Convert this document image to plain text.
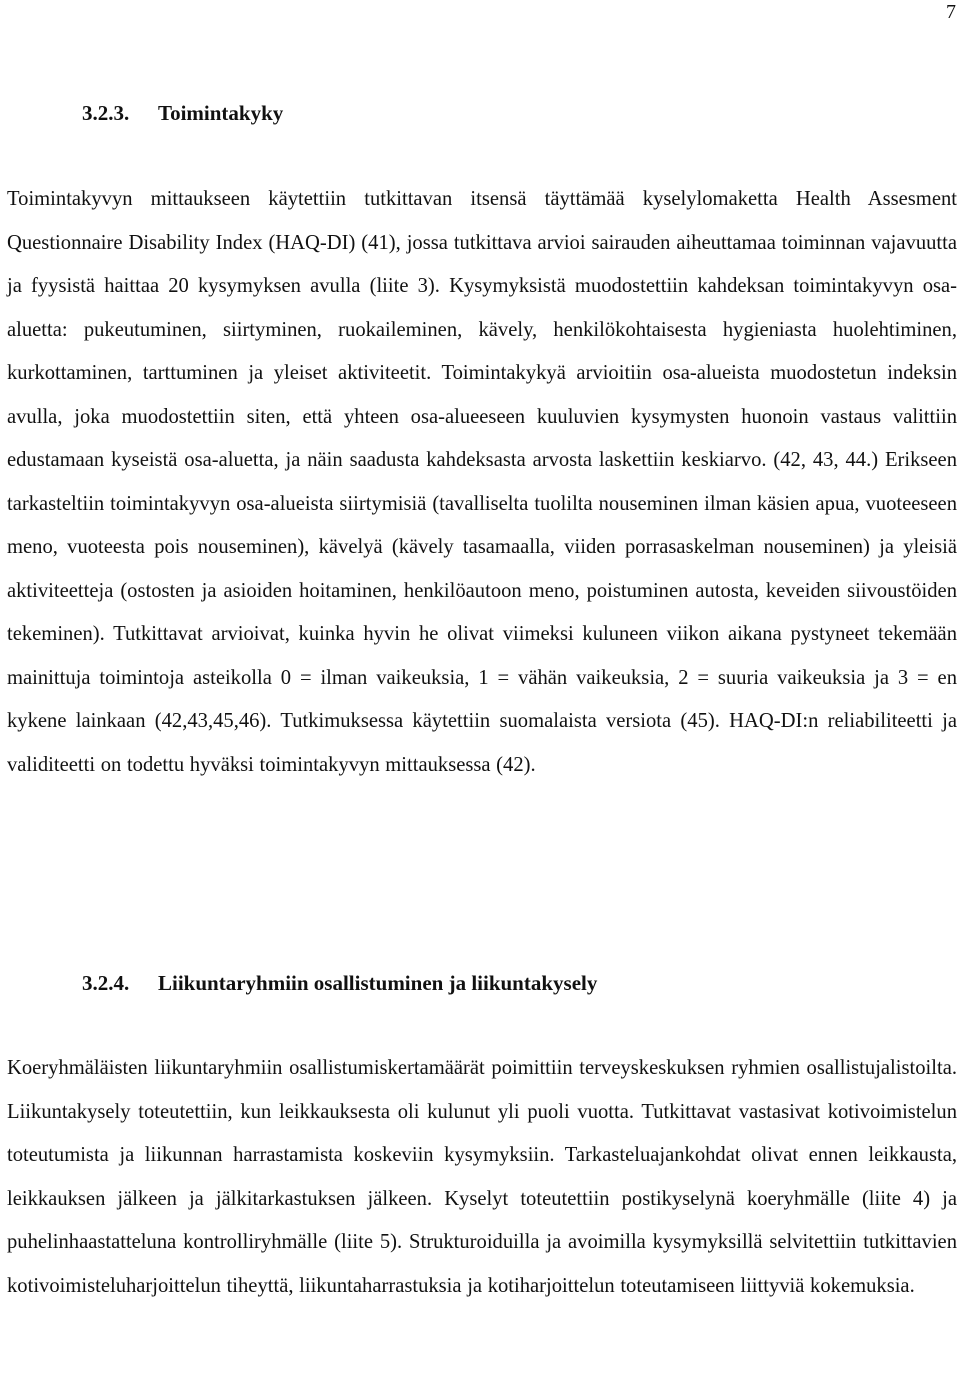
7
3.2.3. Toimintakyky

Toimintakyvyn mittaukseen käytettiin tutkittavan itsensä täyttämää kyselylomaketta Health Assesment Questionnaire Disability Index (HAQ-DI) (41), jossa tutkittava arvioi sairauden aiheuttamaa toiminnan vajavuutta ja fyysistä haittaa 20 kysymyksen avulla (liite 3). Kysymyksistä muodostettiin kahdeksan toimintakyvyn osa-aluetta: pukeutuminen, siirtyminen, ruokaileminen, kävely, henkilökohtaisesta hygieniasta huolehtiminen, kurkottaminen, tarttuminen ja yleiset aktiviteetit. Toimintakykyä arvioitiin osa-alueista muodostetun indeksin avulla, joka muodostettiin siten, että yhteen osa-alueeseen kuuluvien kysymysten huonoin vastaus valittiin edustamaan kyseistä osa-aluetta, ja näin saadusta kahdeksasta arvosta laskettiin keskiarvo. (42, 43, 44.) Erikseen tarkasteltiin toimintakyvyn osa-alueista siirtymisiä (tavalliselta tuolilta nouseminen ilman käsien apua, vuoteeseen meno, vuoteesta pois nouseminen), kävelyä (kävely tasamaalla, viiden porrasaskelman nouseminen) ja yleisiä aktiviteetteja (ostosten ja asioiden hoitaminen, henkilöautoon meno, poistuminen autosta, keveiden siivoustöiden tekeminen). Tutkittavat arvioivat, kuinka hyvin he olivat viimeksi kuluneen viikon aikana pystyneet tekemään mainittuja toimintoja asteikolla 0 = ilman vaikeuksia, 1 = vähän vaikeuksia, 2 = suuria vaikeuksia ja 3 = en kykene lainkaan (42,43,45,46). Tutkimuksessa käytettiin suomalaista versiota (45). HAQ-DI:n reliabiliteetti ja validiteetti on todettu hyväksi toimintakyvyn mittauksessa (42).

3.2.4. Liikuntaryhmiin osallistuminen ja liikuntakysely

Koeryhmäläisten liikuntaryhmiin osallistumiskertamäärät poimittiin terveyskeskuksen ryhmien osallistujalistoilta. Liikuntakysely toteutettiin, kun leikkauksesta oli kulunut yli puoli vuotta. Tutkittavat vastasivat kotivoimistelun toteutumista ja liikunnan harrastamista koskeviin kysymyksiin. Tarkasteluajankohdat olivat ennen leikkausta, leikkauksen jälkeen ja jälkitarkastuksen jälkeen. Kyselyt toteutettiin postikyselynä koeryhmälle (liite 4) ja puhelinhaastatteluna kontrolliryhmälle (liite 5). Strukturoiduilla ja avoimilla kysymyksillä selvitettiin tutkittavien kotivoimisteluharjoittelun tiheyttä, liikuntaharrastuksia ja kotiharjoittelun toteutamiseen liittyviä kokemuksia.
